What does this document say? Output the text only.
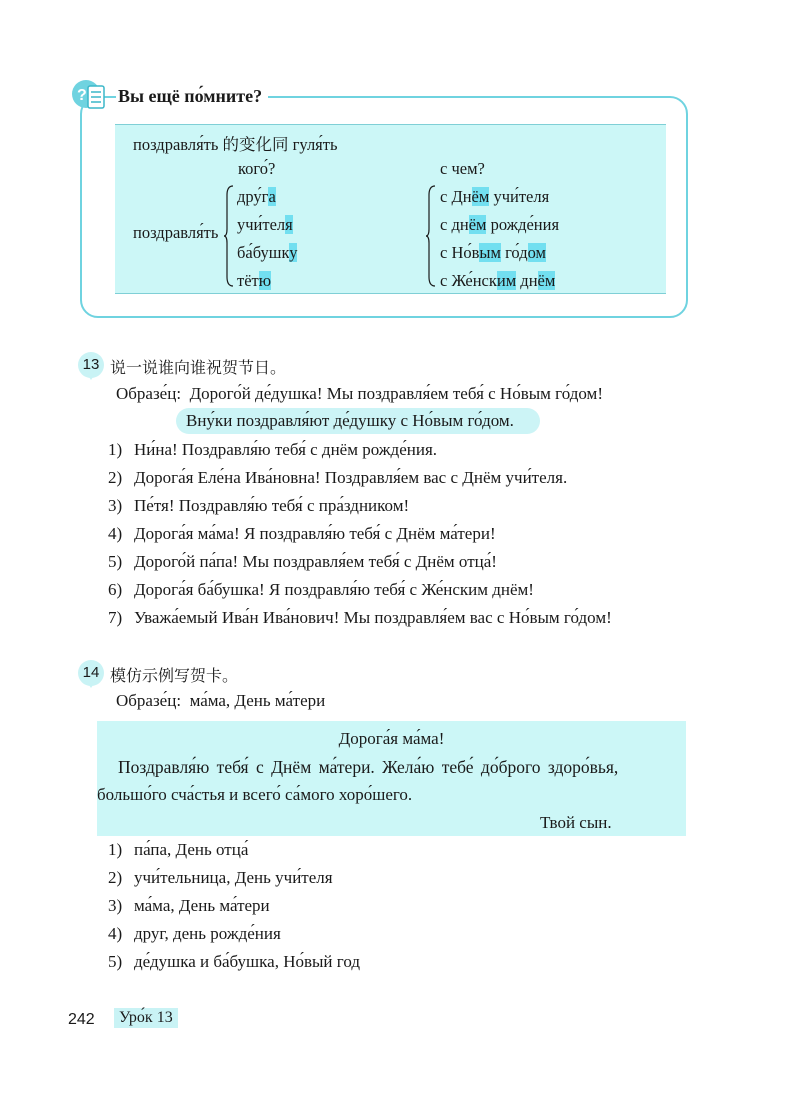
? Вы ещё по́мните?
поздравля́ть 的变化同 гуля́ть
кого́?	с чем?
поздравля́ть
дру́га
учи́теля
ба́бушку
тётю
с Днём учи́теля
с днём рожде́ния
с Но́вым го́дом
с Же́нским днём
13 说一说谁向谁祝贺节日。
Образе́ц: Дорого́й де́душка! Мы поздравля́ем тебя́ с Но́вым го́дом!
Вну́ки поздравля́ют де́душку с Но́вым го́дом.
1) Ни́на! Поздравля́ю тебя́ с днём рожде́ния.
2) Дорога́я Еле́на Ива́новна! Поздравля́ем вас с Днём учи́теля.
3) Пе́тя! Поздравля́ю тебя́ с пра́здником!
4) Дорога́я ма́ма! Я поздравля́ю тебя́ с Днём ма́тери!
5) Дорого́й па́па! Мы поздравля́ем тебя́ с Днём отца́!
6) Дорога́я ба́бушка! Я поздравля́ю тебя́ с Же́нским днём!
7) Уважа́емый Ива́н Ива́нович! Мы поздравля́ем вас с Но́вым го́дом!
14 模仿示例写贺卡。
Образе́ц: ма́ма, День ма́тери
Дорога́я ма́ма!
Поздравля́ю тебя́ с Днём ма́тери. Жела́ю тебе́ до́брого здоро́вья,
большо́го сча́стья и всего́ са́мого хоро́шего.
Твой сын.
1) па́па, День отца́
2) учи́тельница, День учи́теля
3) ма́ма, День ма́тери
4) друг, день рожде́ния
5) де́душка и ба́бушка, Но́вый год
242	Уро́к 13
